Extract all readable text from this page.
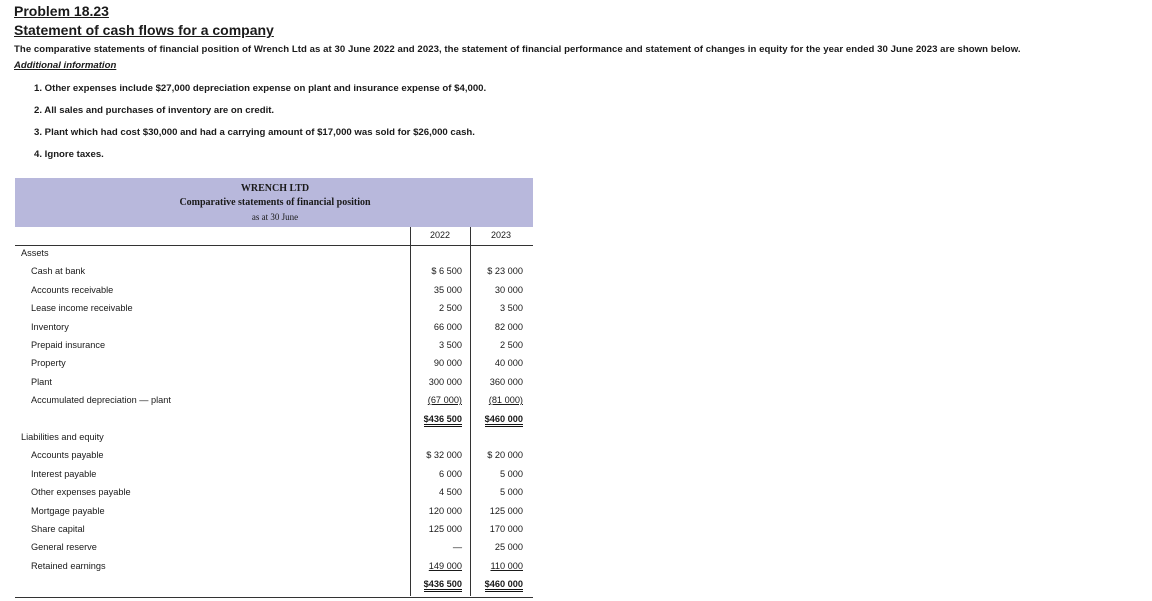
Problem 18.23
Statement of cash flows for a company
The comparative statements of financial position of Wrench Ltd as at 30 June 2022 and 2023, the statement of financial performance and statement of changes in equity for the year ended 30 June 2023 are shown below.
Additional information
1. Other expenses include $27,000 depreciation expense on plant and insurance expense of $4,000.
2. All sales and purchases of inventory are on credit.
3. Plant which had cost $30,000 and had a carrying amount of $17,000 was sold for $26,000 cash.
4. Ignore taxes.
WRENCH LTD
Comparative statements of financial position
as at 30 June
2022	2023
Assets
Cash at bank	$ 6 500	$ 23 000
Accounts receivable	35 000	30 000
Lease income receivable	2 500	3 500
Inventory	66 000	82 000
Prepaid insurance	3 500	2 500
Property	90 000	40 000
Plant	300 000	360 000
Accumulated depreciation — plant	(67 000)	(81 000)
$436 500	$460 000
Liabilities and equity
Accounts payable	$ 32 000	$ 20 000
Interest payable	6 000	5 000
Other expenses payable	4 500	5 000
Mortgage payable	120 000	125 000
Share capital	125 000	170 000
General reserve	—	25 000
Retained earnings	149 000	110 000
$436 500	$460 000
